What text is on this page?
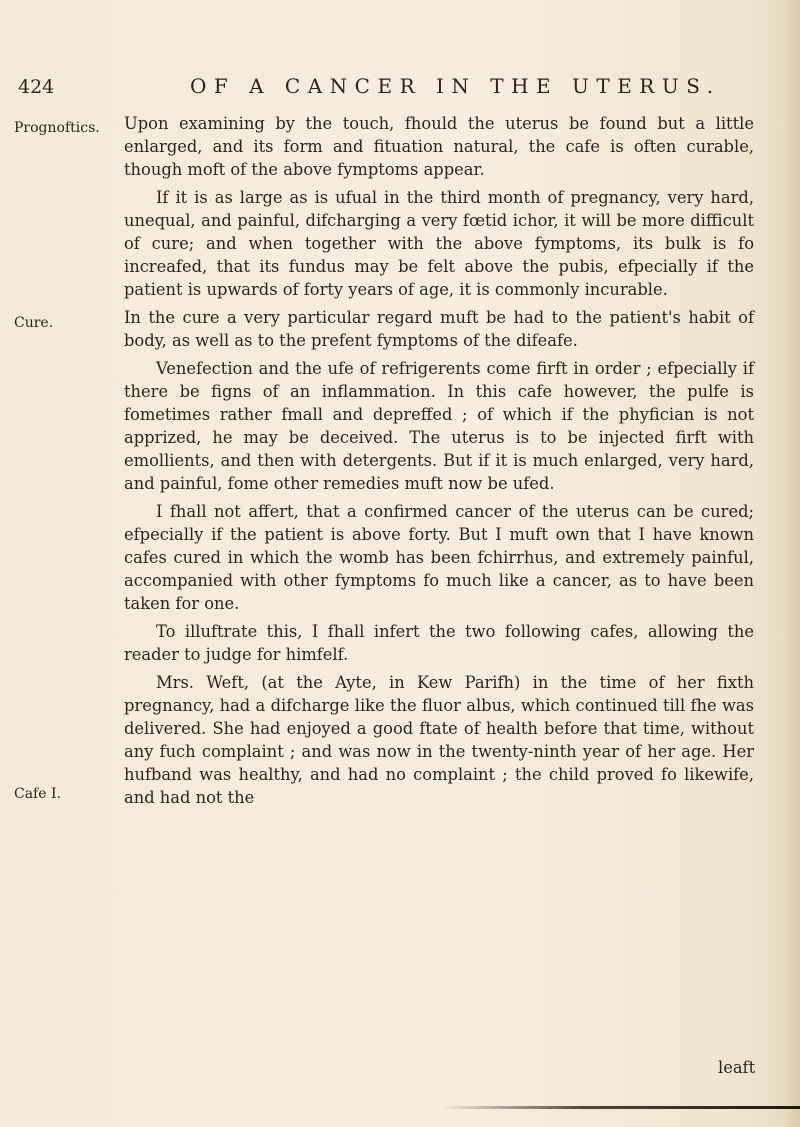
424	OF A CANCER IN THE UTERUS.
Prognoftics.
Cure.
Cafe I.

Upon examining by the touch, fhould the uterus be found but a little enlarged, and its form and fituation natural, the cafe is often curable, though moft of the above fymptoms appear.

If it is as large as is ufual in the third month of pregnancy, very hard, unequal, and painful, difcharging a very fœtid ichor, it will be more difficult of cure; and when together with the above fymptoms, its bulk is fo increafed, that its fundus may be felt above the pubis, efpecially if the patient is upwards of forty years of age, it is commonly incurable.

In the cure a very particular regard muft be had to the patient's habit of body, as well as to the prefent fymptoms of the difeafe.

Venefection and the ufe of refrigerents come firft in order ; efpecially if there be figns of an inflammation. In this cafe however, the pulfe is fometimes rather fmall and depreffed ; of which if the phyfician is not apprized, he may be deceived. The uterus is to be injected firft with emollients, and then with detergents. But if it is much enlarged, very hard, and painful, fome other remedies muft now be ufed.

I fhall not affert, that a confirmed cancer of the uterus can be cured; efpecially if the patient is above forty. But I muft own that I have known cafes cured in which the womb has been fchirrhus, and extremely painful, accompanied with other fymptoms fo much like a cancer, as to have been taken for one.

To illuftrate this, I fhall infert the two following cafes, allowing the reader to judge for himfelf.

Mrs. Weft, (at the Ayte, in Kew Parifh) in the time of her fixth pregnancy, had a difcharge like the fluor albus, which continued till fhe was delivered. She had enjoyed a good ftate of health before that time, without any fuch complaint ; and was now in the twenty-ninth year of her age. Her hufband was healthy, and had no complaint ; the child proved fo likewife, and had not the

leaft
